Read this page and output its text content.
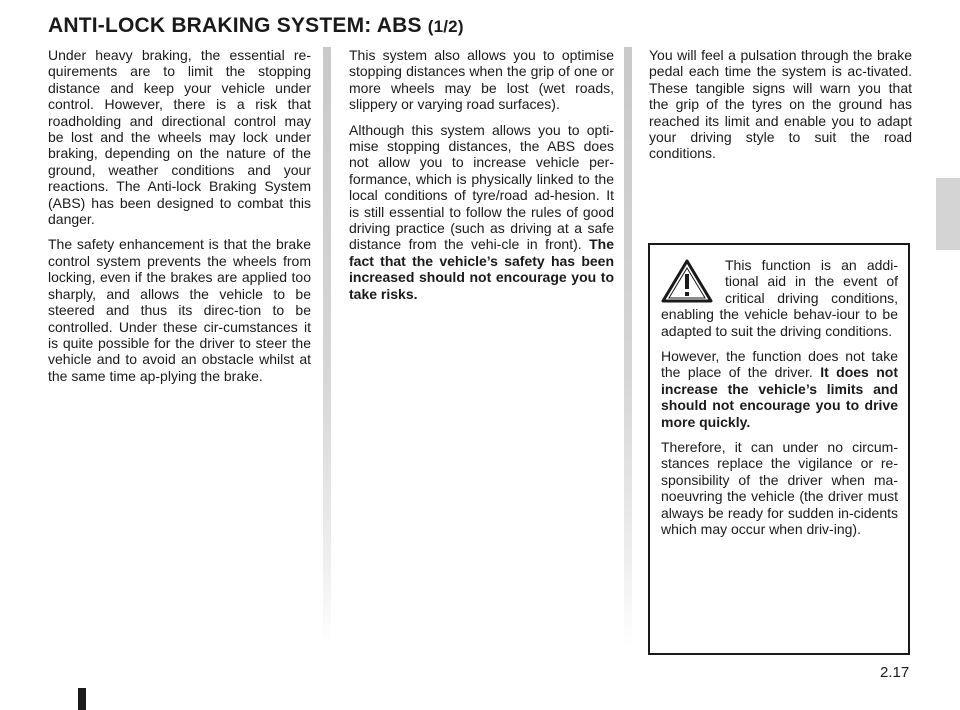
ANTI-LOCK BRAKING SYSTEM: ABS (1/2)

Under heavy braking, the essential re-quirements are to limit the stopping distance and keep your vehicle under control. However, there is a risk that roadholding and directional control may be lost and the wheels may lock under braking, depending on the nature of the ground, weather conditions and your reactions. The Anti-lock Braking System (ABS) has been designed to combat this danger.

The safety enhancement is that the brake control system prevents the wheels from locking, even if the brakes are applied too sharply, and allows the vehicle to be steered and thus its direc-tion to be controlled. Under these cir-cumstances it is quite possible for the driver to steer the vehicle and to avoid an obstacle whilst at the same time ap-plying the brake.

This system also allows you to optimise stopping distances when the grip of one or more wheels may be lost (wet roads, slippery or varying road surfaces).

Although this system allows you to opti-mise stopping distances, the ABS does not allow you to increase vehicle per-formance, which is physically linked to the local conditions of tyre/road ad-hesion. It is still essential to follow the rules of good driving practice (such as driving at a safe distance from the vehi-cle in front). The fact that the vehicle’s safety has been increased should not encourage you to take risks.

You will feel a pulsation through the brake pedal each time the system is ac-tivated. These tangible signs will warn you that the grip of the tyres on the ground has reached its limit and enable you to adapt your driving style to suit the road conditions.

This function is an addi-tional aid in the event of critical driving conditions, enabling the vehicle behav-iour to be adapted to suit the driving conditions.

However, the function does not take the place of the driver. It does not increase the vehicle’s limits and should not encourage you to drive more quickly.

Therefore, it can under no circum-stances replace the vigilance or re-sponsibility of the driver when ma-noeuvring the vehicle (the driver must always be ready for sudden in-cidents which may occur when driv-ing).

2.17
